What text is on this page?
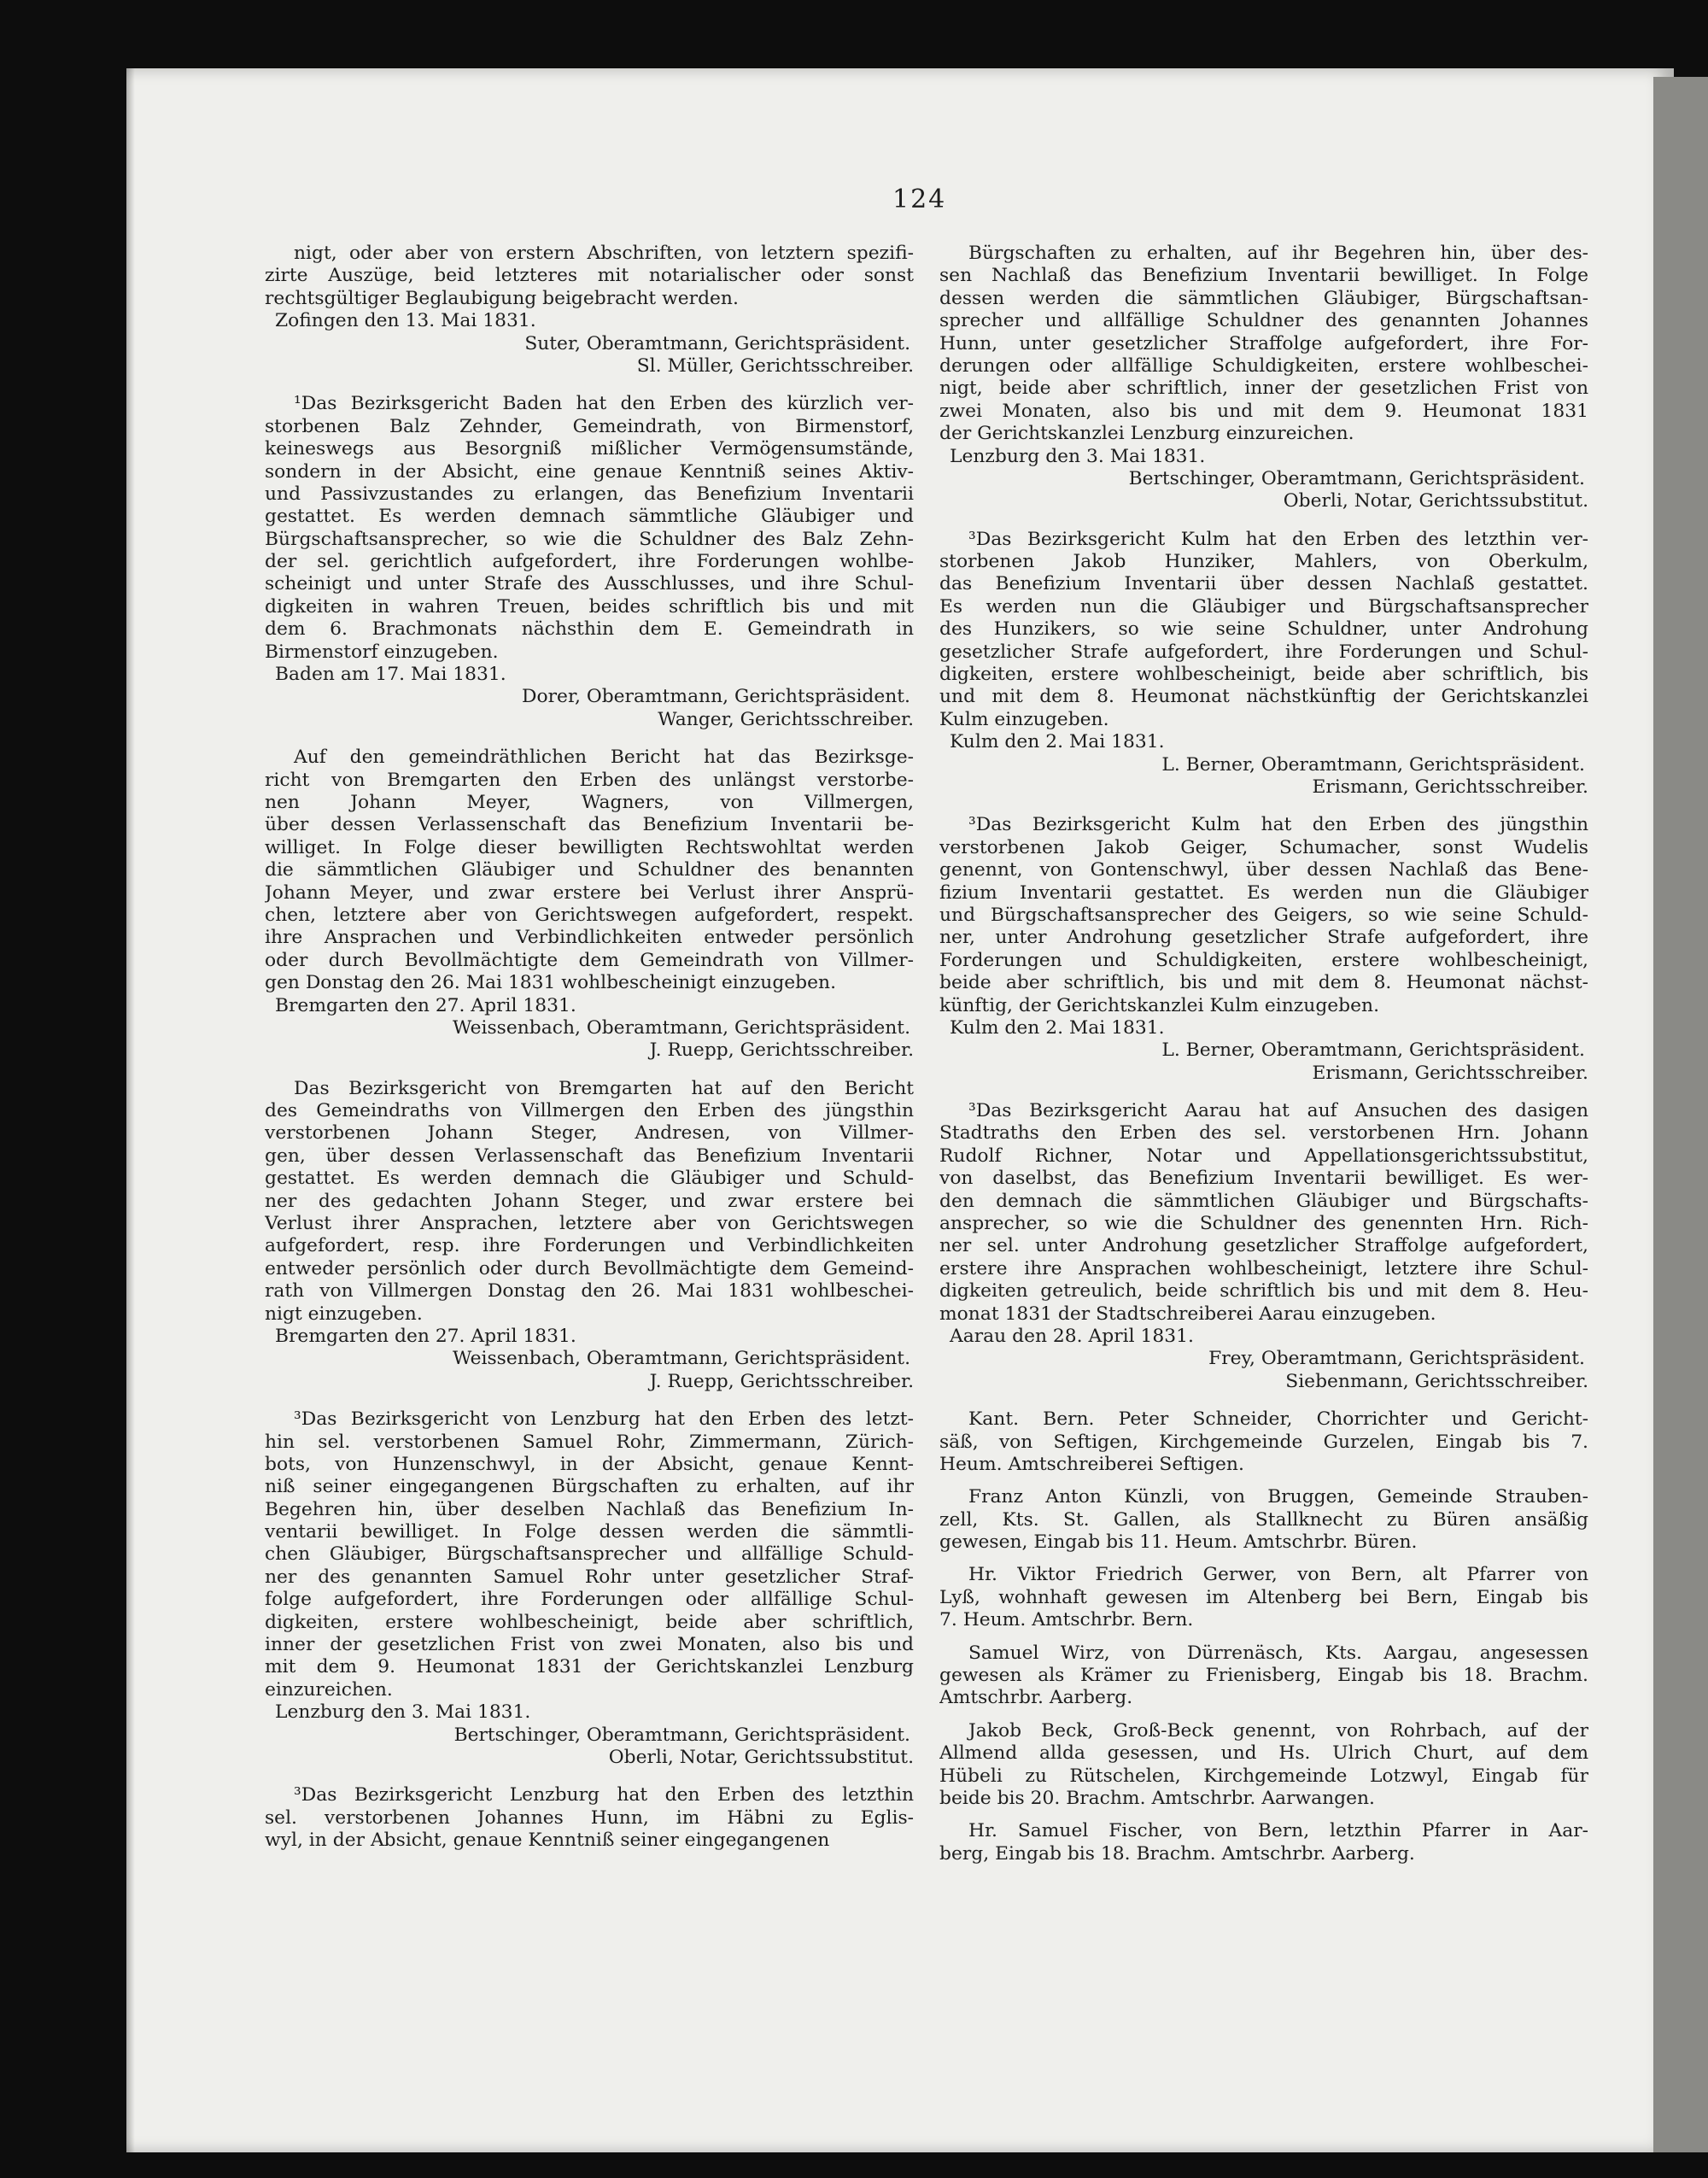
124
nigt, oder aber von erstern Abschriften, von letztern spezifi-
zirte Auszüge, beid letzteres mit notarialischer oder sonst
rechtsgültiger Beglaubigung beigebracht werden.
Zofingen den 13. Mai 1831.
Suter, Oberamtmann, Gerichtspräsident.
Sl. Müller, Gerichtsschreiber.
¹Das Bezirksgericht Baden hat den Erben des kürzlich ver-
storbenen Balz Zehnder, Gemeindrath, von Birmenstorf,
keineswegs aus Besorgniß mißlicher Vermögensumstände,
sondern in der Absicht, eine genaue Kenntniß seines Aktiv-
und Passivzustandes zu erlangen, das Benefizium Inventarii
gestattet. Es werden demnach sämmtliche Gläubiger und
Bürgschaftsansprecher, so wie die Schuldner des Balz Zehn-
der sel. gerichtlich aufgefordert, ihre Forderungen wohlbe-
scheinigt und unter Strafe des Ausschlusses, und ihre Schul-
digkeiten in wahren Treuen, beides schriftlich bis und mit
dem 6. Brachmonats nächsthin dem E. Gemeindrath in
Birmenstorf einzugeben.
Baden am 17. Mai 1831.
Dorer, Oberamtmann, Gerichtspräsident.
Wanger, Gerichtsschreiber.
Auf den gemeindräthlichen Bericht hat das Bezirksge-
richt von Bremgarten den Erben des unlängst verstorbe-
nen Johann Meyer, Wagners, von Villmergen,
über dessen Verlassenschaft das Benefizium Inventarii be-
williget. In Folge dieser bewilligten Rechtswohltat werden
die sämmtlichen Gläubiger und Schuldner des benannten
Johann Meyer, und zwar erstere bei Verlust ihrer Ansprü-
chen, letztere aber von Gerichtswegen aufgefordert, respekt.
ihre Ansprachen und Verbindlichkeiten entweder persönlich
oder durch Bevollmächtigte dem Gemeindrath von Villmer-
gen Donstag den 26. Mai 1831 wohlbescheinigt einzugeben.
Bremgarten den 27. April 1831.
Weissenbach, Oberamtmann, Gerichtspräsident.
J. Ruepp, Gerichtsschreiber.
Das Bezirksgericht von Bremgarten hat auf den Bericht
des Gemeindraths von Villmergen den Erben des jüngsthin
verstorbenen Johann Steger, Andresen, von Villmer-
gen, über dessen Verlassenschaft das Benefizium Inventarii
gestattet. Es werden demnach die Gläubiger und Schuld-
ner des gedachten Johann Steger, und zwar erstere bei
Verlust ihrer Ansprachen, letztere aber von Gerichtswegen
aufgefordert, resp. ihre Forderungen und Verbindlichkeiten
entweder persönlich oder durch Bevollmächtigte dem Gemeind-
rath von Villmergen Donstag den 26. Mai 1831 wohlbeschei-
nigt einzugeben.
Bremgarten den 27. April 1831.
Weissenbach, Oberamtmann, Gerichtspräsident.
J. Ruepp, Gerichtsschreiber.
³Das Bezirksgericht von Lenzburg hat den Erben des letzt-
hin sel. verstorbenen Samuel Rohr, Zimmermann, Zürich-
bots, von Hunzenschwyl, in der Absicht, genaue Kennt-
niß seiner eingegangenen Bürgschaften zu erhalten, auf ihr
Begehren hin, über deselben Nachlaß das Benefizium In-
ventarii bewilliget. In Folge dessen werden die sämmtli-
chen Gläubiger, Bürgschaftsansprecher und allfällige Schuld-
ner des genannten Samuel Rohr unter gesetzlicher Straf-
folge aufgefordert, ihre Forderungen oder allfällige Schul-
digkeiten, erstere wohlbescheinigt, beide aber schriftlich,
inner der gesetzlichen Frist von zwei Monaten, also bis und
mit dem 9. Heumonat 1831 der Gerichtskanzlei Lenzburg
einzureichen.
Lenzburg den 3. Mai 1831.
Bertschinger, Oberamtmann, Gerichtspräsident.
Oberli, Notar, Gerichtssubstitut.
³Das Bezirksgericht Lenzburg hat den Erben des letzthin
sel. verstorbenen Johannes Hunn, im Häbni zu Eglis-
wyl, in der Absicht, genaue Kenntniß seiner eingegangenen
Bürgschaften zu erhalten, auf ihr Begehren hin, über des-
sen Nachlaß das Benefizium Inventarii bewilliget. In Folge
dessen werden die sämmtlichen Gläubiger, Bürgschaftsan-
sprecher und allfällige Schuldner des genannten Johannes
Hunn, unter gesetzlicher Straffolge aufgefordert, ihre For-
derungen oder allfällige Schuldigkeiten, erstere wohlbeschei-
nigt, beide aber schriftlich, inner der gesetzlichen Frist von
zwei Monaten, also bis und mit dem 9. Heumonat 1831
der Gerichtskanzlei Lenzburg einzureichen.
Lenzburg den 3. Mai 1831.
Bertschinger, Oberamtmann, Gerichtspräsident.
Oberli, Notar, Gerichtssubstitut.
³Das Bezirksgericht Kulm hat den Erben des letzthin ver-
storbenen Jakob Hunziker, Mahlers, von Oberkulm,
das Benefizium Inventarii über dessen Nachlaß gestattet.
Es werden nun die Gläubiger und Bürgschaftsansprecher
des Hunzikers, so wie seine Schuldner, unter Androhung
gesetzlicher Strafe aufgefordert, ihre Forderungen und Schul-
digkeiten, erstere wohlbescheinigt, beide aber schriftlich, bis
und mit dem 8. Heumonat nächstkünftig der Gerichtskanzlei
Kulm einzugeben.
Kulm den 2. Mai 1831.
L. Berner, Oberamtmann, Gerichtspräsident.
Erismann, Gerichtsschreiber.
³Das Bezirksgericht Kulm hat den Erben des jüngsthin
verstorbenen Jakob Geiger, Schumacher, sonst Wudelis
genennt, von Gontenschwyl, über dessen Nachlaß das Bene-
fizium Inventarii gestattet. Es werden nun die Gläubiger
und Bürgschaftsansprecher des Geigers, so wie seine Schuld-
ner, unter Androhung gesetzlicher Strafe aufgefordert, ihre
Forderungen und Schuldigkeiten, erstere wohlbescheinigt,
beide aber schriftlich, bis und mit dem 8. Heumonat nächst-
künftig, der Gerichtskanzlei Kulm einzugeben.
Kulm den 2. Mai 1831.
L. Berner, Oberamtmann, Gerichtspräsident.
Erismann, Gerichtsschreiber.
³Das Bezirksgericht Aarau hat auf Ansuchen des dasigen
Stadtraths den Erben des sel. verstorbenen Hrn. Johann
Rudolf Richner, Notar und Appellationsgerichtssubstitut,
von daselbst, das Benefizium Inventarii bewilliget. Es wer-
den demnach die sämmtlichen Gläubiger und Bürgschafts-
ansprecher, so wie die Schuldner des genennten Hrn. Rich-
ner sel. unter Androhung gesetzlicher Straffolge aufgefordert,
erstere ihre Ansprachen wohlbescheinigt, letztere ihre Schul-
digkeiten getreulich, beide schriftlich bis und mit dem 8. Heu-
monat 1831 der Stadtschreiberei Aarau einzugeben.
Aarau den 28. April 1831.
Frey, Oberamtmann, Gerichtspräsident.
Siebenmann, Gerichtsschreiber.
Kant. Bern. Peter Schneider, Chorrichter und Gericht-
säß, von Seftigen, Kirchgemeinde Gurzelen, Eingab bis 7.
Heum. Amtschreiberei Seftigen.
Franz Anton Künzli, von Bruggen, Gemeinde Strauben-
zell, Kts. St. Gallen, als Stallknecht zu Büren ansäßig
gewesen, Eingab bis 11. Heum. Amtschrbr. Büren.
Hr. Viktor Friedrich Gerwer, von Bern, alt Pfarrer von
Lyß, wohnhaft gewesen im Altenberg bei Bern, Eingab bis
7. Heum. Amtschrbr. Bern.
Samuel Wirz, von Dürrenäsch, Kts. Aargau, angesessen
gewesen als Krämer zu Frienisberg, Eingab bis 18. Brachm.
Amtschrbr. Aarberg.
Jakob Beck, Groß-Beck genennt, von Rohrbach, auf der
Allmend allda gesessen, und Hs. Ulrich Churt, auf dem
Hübeli zu Rütschelen, Kirchgemeinde Lotzwyl, Eingab für
beide bis 20. Brachm. Amtschrbr. Aarwangen.
Hr. Samuel Fischer, von Bern, letzthin Pfarrer in Aar-
berg, Eingab bis 18. Brachm. Amtschrbr. Aarberg.
